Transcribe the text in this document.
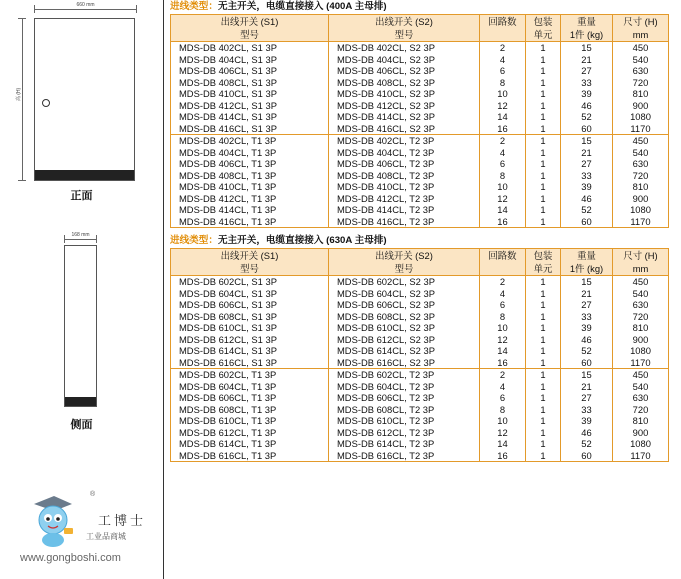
660 mm
高 (H)
正面
168 mm
侧面
®
工博士
工业品商城
www.gongboshi.com
进线类型：无主开关，电缆直接接入 (400A 主母排)
出线开关 (S1)	出线开关 (S2)	回路数	包装	重量	尺寸 (H)
型号	型号		单元	1件 (kg)	mm
MDS-DB 402CL, S1 3P	MDS-DB 402CL, S2 3P	2	1	15	450
MDS-DB 404CL, S1 3P	MDS-DB 404CL, S2 3P	4	1	21	540
MDS-DB 406CL, S1 3P	MDS-DB 406CL, S2 3P	6	1	27	630
MDS-DB 408CL, S1 3P	MDS-DB 408CL, S2 3P	8	1	33	720
MDS-DB 410CL, S1 3P	MDS-DB 410CL, S2 3P	10	1	39	810
MDS-DB 412CL, S1 3P	MDS-DB 412CL, S2 3P	12	1	46	900
MDS-DB 414CL, S1 3P	MDS-DB 414CL, S2 3P	14	1	52	1080
MDS-DB 416CL, S1 3P	MDS-DB 416CL, S2 3P	16	1	60	1170
MDS-DB 402CL, T1 3P	MDS-DB 402CL, T2 3P	2	1	15	450
MDS-DB 404CL, T1 3P	MDS-DB 404CL, T2 3P	4	1	21	540
MDS-DB 406CL, T1 3P	MDS-DB 406CL, T2 3P	6	1	27	630
MDS-DB 408CL, T1 3P	MDS-DB 408CL, T2 3P	8	1	33	720
MDS-DB 410CL, T1 3P	MDS-DB 410CL, T2 3P	10	1	39	810
MDS-DB 412CL, T1 3P	MDS-DB 412CL, T2 3P	12	1	46	900
MDS-DB 414CL, T1 3P	MDS-DB 414CL, T2 3P	14	1	52	1080
MDS-DB 416CL, T1 3P	MDS-DB 416CL, T2 3P	16	1	60	1170
进线类型：无主开关，电缆直接接入 (630A 主母排)
出线开关 (S1)	出线开关 (S2)	回路数	包装	重量	尺寸 (H)
型号	型号		单元	1件 (kg)	mm
MDS-DB 602CL, S1 3P	MDS-DB 602CL, S2 3P	2	1	15	450
MDS-DB 604CL, S1 3P	MDS-DB 604CL, S2 3P	4	1	21	540
MDS-DB 606CL, S1 3P	MDS-DB 606CL, S2 3P	6	1	27	630
MDS-DB 608CL, S1 3P	MDS-DB 608CL, S2 3P	8	1	33	720
MDS-DB 610CL, S1 3P	MDS-DB 610CL, S2 3P	10	1	39	810
MDS-DB 612CL, S1 3P	MDS-DB 612CL, S2 3P	12	1	46	900
MDS-DB 614CL, S1 3P	MDS-DB 614CL, S2 3P	14	1	52	1080
MDS-DB 616CL, S1 3P	MDS-DB 616CL, S2 3P	16	1	60	1170
MDS-DB 602CL, T1 3P	MDS-DB 602CL, T2 3P	2	1	15	450
MDS-DB 604CL, T1 3P	MDS-DB 604CL, T2 3P	4	1	21	540
MDS-DB 606CL, T1 3P	MDS-DB 606CL, T2 3P	6	1	27	630
MDS-DB 608CL, T1 3P	MDS-DB 608CL, T2 3P	8	1	33	720
MDS-DB 610CL, T1 3P	MDS-DB 610CL, T2 3P	10	1	39	810
MDS-DB 612CL, T1 3P	MDS-DB 612CL, T2 3P	12	1	46	900
MDS-DB 614CL, T1 3P	MDS-DB 614CL, T2 3P	14	1	52	1080
MDS-DB 616CL, T1 3P	MDS-DB 616CL, T2 3P	16	1	60	1170
